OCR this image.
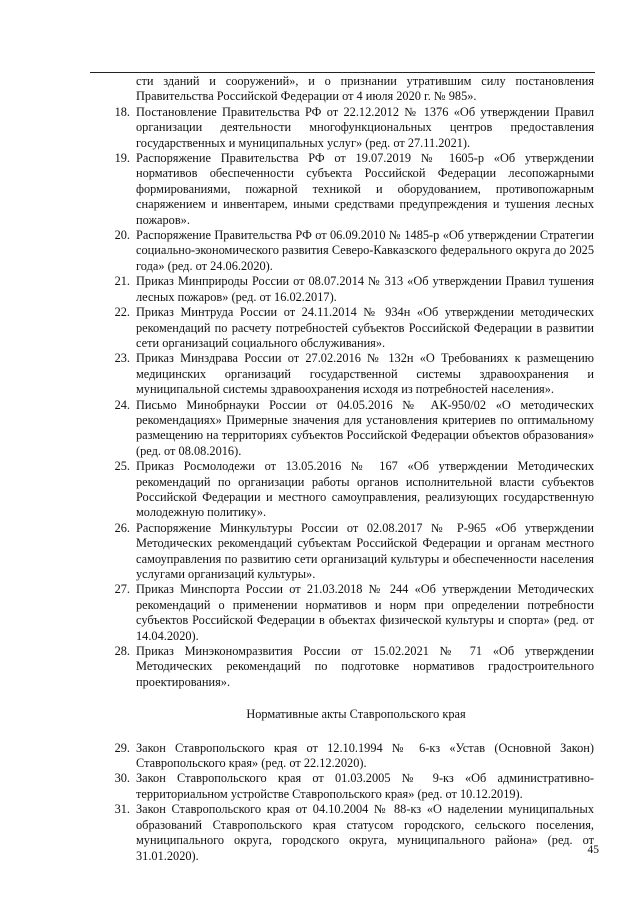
сти зданий и сооружений», и о признании утратившим силу постановления Правительства Российской Федерации от 4 июля 2020 г. № 985».
18. Постановление Правительства РФ от 22.12.2012 № 1376 «Об утверждении Правил организации деятельности многофункциональных центров предоставления государственных и муниципальных услуг» (ред. от 27.11.2021).
19. Распоряжение Правительства РФ от 19.07.2019 № 1605-р «Об утверждении нормативов обеспеченности субъекта Российской Федерации лесопожарными формированиями, пожарной техникой и оборудованием, противопожарным снаряжением и инвентарем, иными средствами предупреждения и тушения лесных пожаров».
20. Распоряжение Правительства РФ от 06.09.2010 № 1485-р «Об утверждении Стратегии социально-экономического развития Северо-Кавказского федерального округа до 2025 года» (ред. от 24.06.2020).
21. Приказ Минприроды России от 08.07.2014 № 313 «Об утверждении Правил тушения лесных пожаров» (ред. от 16.02.2017).
22. Приказ Минтруда России от 24.11.2014 № 934н «Об утверждении методических рекомендаций по расчету потребностей субъектов Российской Федерации в развитии сети организаций социального обслуживания».
23. Приказ Минздрава России от 27.02.2016 № 132н «О Требованиях к размещению медицинских организаций государственной системы здравоохранения и муниципальной системы здравоохранения исходя из потребностей населения».
24. Письмо Минобрнауки России от 04.05.2016 № АК-950/02 «О методических рекомендациях» Примерные значения для установления критериев по оптимальному размещению на территориях субъектов Российской Федерации объектов образования» (ред. от 08.08.2016).
25. Приказ Росмолодежи от 13.05.2016 № 167 «Об утверждении Методических рекомендаций по организации работы органов исполнительной власти субъектов Российской Федерации и местного самоуправления, реализующих государственную молодежную политику».
26. Распоряжение Минкультуры России от 02.08.2017 № Р-965 «Об утверждении Методических рекомендаций субъектам Российской Федерации и органам местного самоуправления по развитию сети организаций культуры и обеспеченности населения услугами организаций культуры».
27. Приказ Минспорта России от 21.03.2018 № 244 «Об утверждении Методических рекомендаций о применении нормативов и норм при определении потребности субъектов Российской Федерации в объектах физической культуры и спорта» (ред. от 14.04.2020).
28. Приказ Минэкономразвития России от 15.02.2021 № 71 «Об утверждении Методических рекомендаций по подготовке нормативов градостроительного проектирования».
Нормативные акты Ставропольского края
29. Закон Ставропольского края от 12.10.1994 № 6-кз «Устав (Основной Закон) Ставропольского края» (ред. от 22.12.2020).
30. Закон Ставропольского края от 01.03.2005 № 9-кз «Об административно-территориальном устройстве Ставропольского края» (ред. от 10.12.2019).
31. Закон Ставропольского края от 04.10.2004 № 88-кз «О наделении муниципальных образований Ставропольского края статусом городского, сельского поселения, муниципального округа, городского округа, муниципального района» (ред. от 31.01.2020).	45
